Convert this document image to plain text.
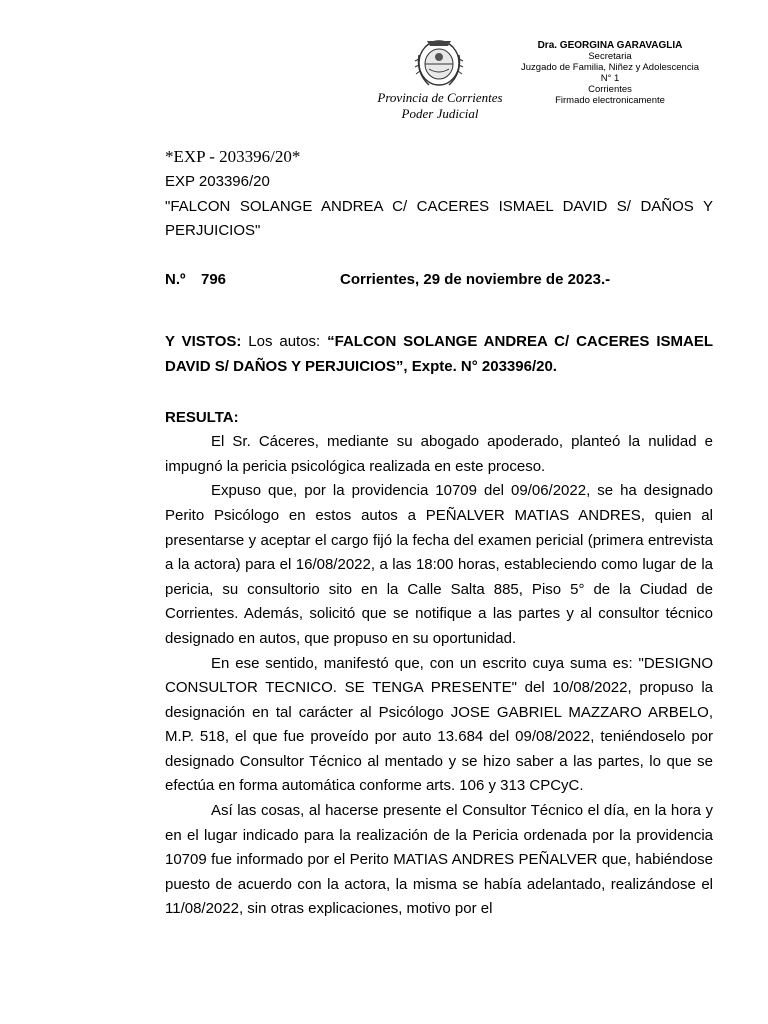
Provincia de Corrientes
Poder Judicial
Dra. GEORGINA GARAVAGLIA
Secretaria
Juzgado de Familia, Niñez y Adolescencia
N° 1
Corrientes
Firmado electronicamente

*EXP - 203396/20*

EXP 203396/20

"FALCON SOLANGE ANDREA C/ CACERES ISMAEL DAVID S/ DAÑOS Y PERJUICIOS"

N.º 796	Corrientes, 29 de noviembre de 2023.-

Y VISTOS: Los autos: “FALCON SOLANGE ANDREA C/ CACERES ISMAEL DAVID S/ DAÑOS Y PERJUICIOS”, Expte. N° 203396/20.

RESULTA:

El Sr. Cáceres, mediante su abogado apoderado, planteó la nulidad e impugnó la pericia psicológica realizada en este proceso.

Expuso que, por la providencia 10709 del 09/06/2022, se ha designado Perito Psicólogo en estos autos a PEÑALVER MATIAS ANDRES, quien al presentarse y aceptar el cargo fijó la fecha del examen pericial (primera entrevista a la actora) para el 16/08/2022, a las 18:00 horas, estableciendo como lugar de la pericia, su consultorio sito en la Calle Salta 885, Piso 5° de la Ciudad de Corrientes. Además, solicitó que se notifique a las partes y al consultor técnico designado en autos, que propuso en su oportunidad.

En ese sentido, manifestó que, con un escrito cuya suma es: "DESIGNO CONSULTOR TECNICO. SE TENGA PRESENTE" del 10/08/2022, propuso la designación en tal carácter al Psicólogo JOSE GABRIEL MAZZARO ARBELO, M.P. 518, el que fue proveído por auto 13.684 del 09/08/2022, teniéndoselo por designado Consultor Técnico al mentado y se hizo saber a las partes, lo que se efectúa en forma automática conforme arts. 106 y 313 CPCyC.

Así las cosas, al hacerse presente el Consultor Técnico el día, en la hora y en el lugar indicado para la realización de la Pericia ordenada por la providencia 10709 fue informado por el Perito MATIAS ANDRES PEÑALVER que, habiéndose puesto de acuerdo con la actora, la misma se había adelantado, realizándose el 11/08/2022, sin otras explicaciones, motivo por el
